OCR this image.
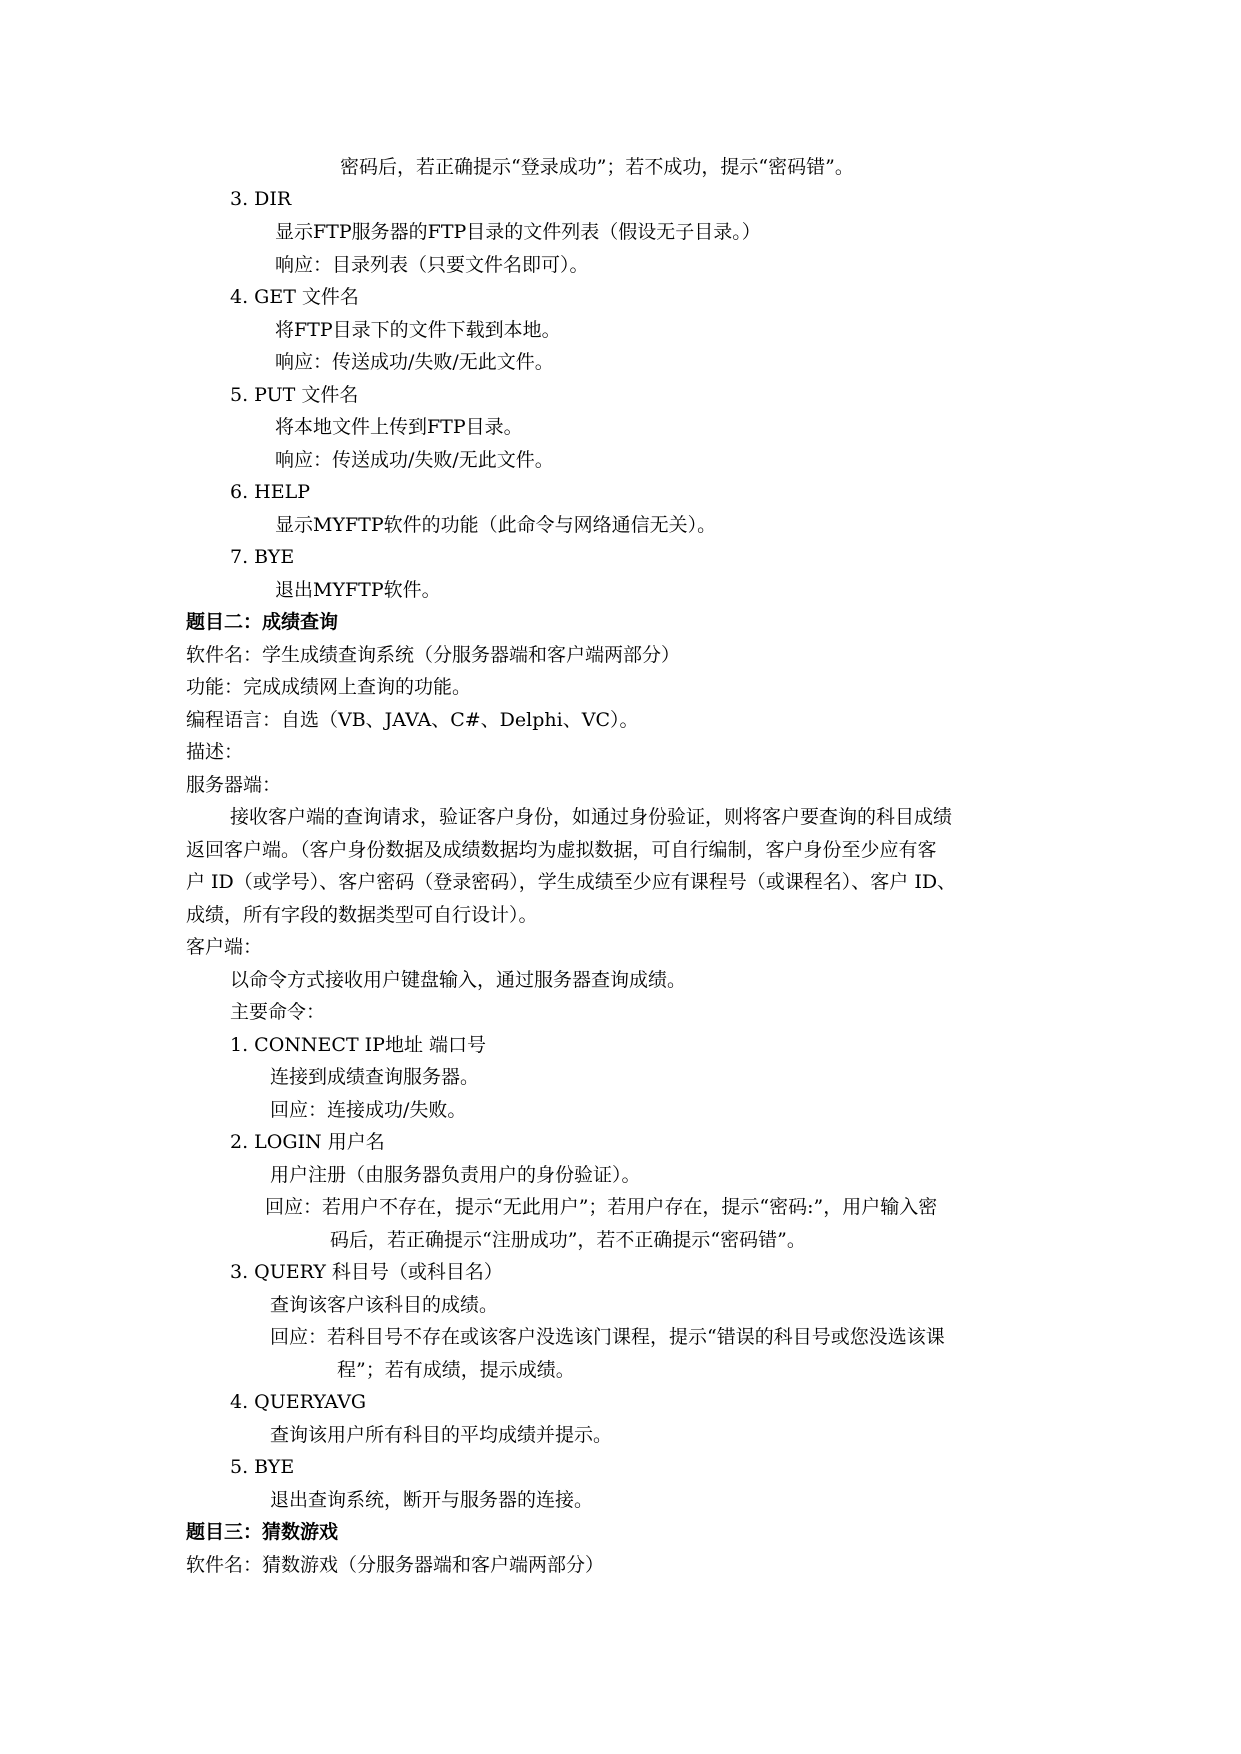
密码后，若正确提示“登录成功”；若不成功，提示“密码错”。
3. DIR
显示FTP服务器的FTP目录的文件列表（假设无子目录。）
响应：目录列表（只要文件名即可）。
4. GET 文件名
将FTP目录下的文件下载到本地。
响应：传送成功/失败/无此文件。
5. PUT 文件名
将本地文件上传到FTP目录。
响应：传送成功/失败/无此文件。
6. HELP
显示MYFTP软件的功能（此命令与网络通信无关）。
7. BYE
退出MYFTP软件。
题目二：成绩查询
软件名：学生成绩查询系统（分服务器端和客户端两部分）
功能：完成成绩网上查询的功能。
编程语言：自选（VB、JAVA、C#、Delphi、VC）。
描述：
服务器端：
接收客户端的查询请求，验证客户身份，如通过身份验证，则将客户要查询的科目成绩
返回客户端。（客户身份数据及成绩数据均为虚拟数据，可自行编制，客户身份至少应有客
户 ID（或学号）、客户密码（登录密码），学生成绩至少应有课程号（或课程名）、客户 ID、
成绩，所有字段的数据类型可自行设计）。
客户端：
以命令方式接收用户键盘输入，通过服务器查询成绩。
主要命令：
1. CONNECT IP地址 端口号
连接到成绩查询服务器。
回应：连接成功/失败。
2. LOGIN 用户名
用户注册（由服务器负责用户的身份验证）。
回应：若用户不存在，提示“无此用户”；若用户存在，提示“密码:”，用户输入密
码后，若正确提示“注册成功”，若不正确提示“密码错”。
3. QUERY 科目号（或科目名）
查询该客户该科目的成绩。
回应：若科目号不存在或该客户没选该门课程，提示“错误的科目号或您没选该课
程”；若有成绩，提示成绩。
4. QUERYAVG
查询该用户所有科目的平均成绩并提示。
5. BYE
退出查询系统，断开与服务器的连接。
题目三：猜数游戏
软件名：猜数游戏（分服务器端和客户端两部分）
